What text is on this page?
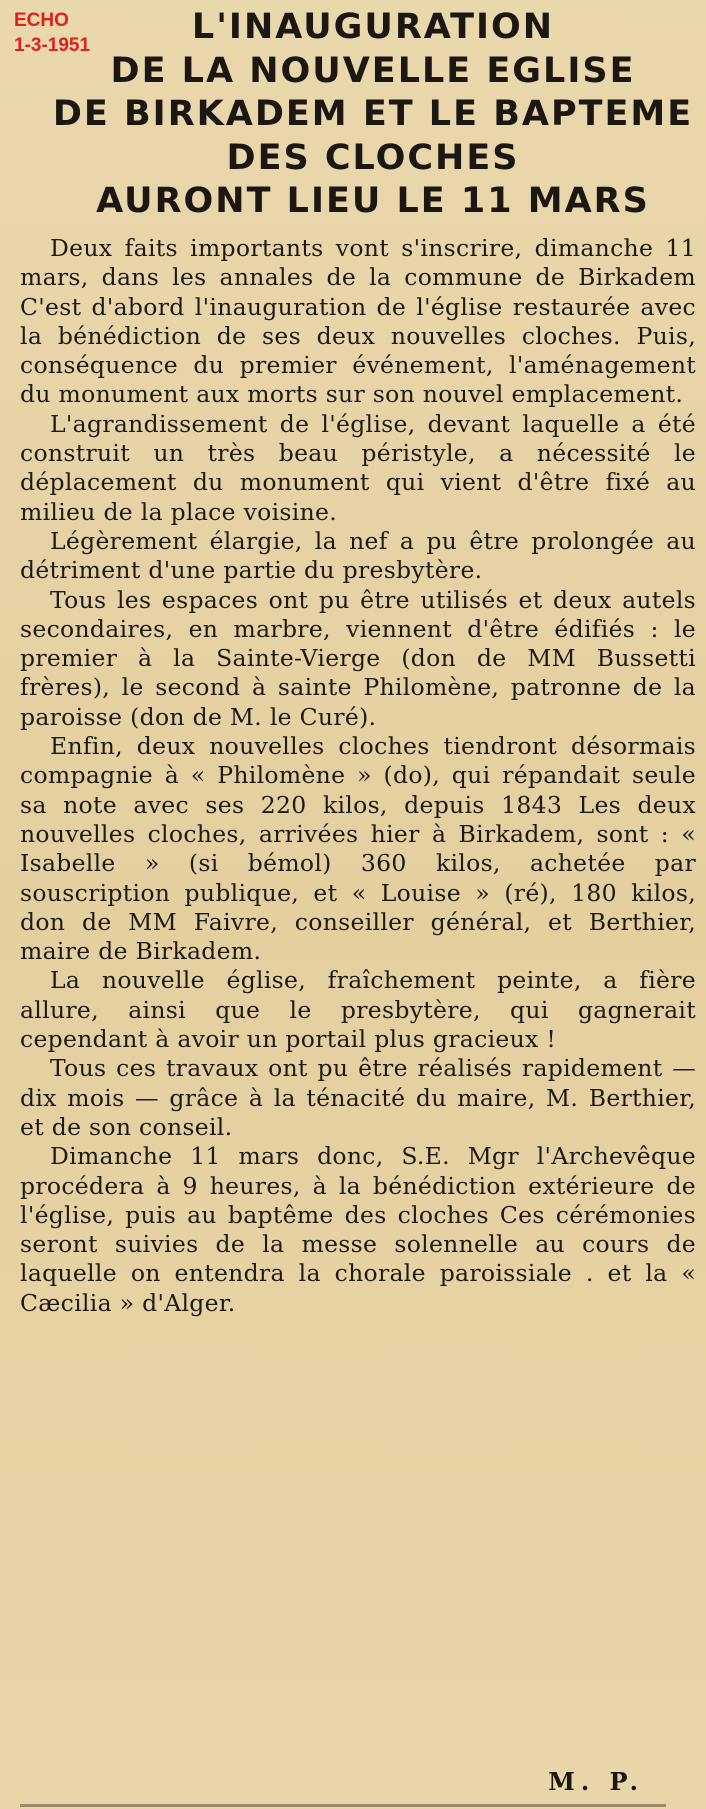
ECHO
1-3-1951	L'INAUGURATION
DE LA NOUVELLE EGLISE
DE BIRKADEM ET LE BAPTEME
DES CLOCHES
AURONT LIEU LE 11 MARS

Deux faits importants vont s'inscrire, dimanche 11 mars, dans les annales de la commune de Birkadem C'est d'abord l'inauguration de l'église restaurée avec la bénédiction de ses deux nouvelles cloches. Puis, conséquence du premier événement, l'aménagement du monument aux morts sur son nouvel emplacement.

L'agrandissement de l'église, devant laquelle a été construit un très beau péristyle, a nécessité le déplacement du monument qui vient d'être fixé au milieu de la place voisine.

Légèrement élargie, la nef a pu être prolongée au détriment d'une partie du presbytère.

Tous les espaces ont pu être utilisés et deux autels secondaires, en marbre, viennent d'être édifiés : le premier à la Sainte-Vierge (don de MM Bussetti frères), le second à sainte Philomène, patronne de la paroisse (don de M. le Curé).

Enfin, deux nouvelles cloches tiendront désormais compagnie à « Philomène » (do), qui répandait seule sa note avec ses 220 kilos, depuis 1843 Les deux nouvelles cloches, arrivées hier à Birkadem, sont : « Isabelle » (si bémol) 360 kilos, achetée par souscription publique, et « Louise » (ré), 180 kilos, don de MM Faivre, conseiller général, et Berthier, maire de Birkadem.

La nouvelle église, fraîchement peinte, a fière allure, ainsi que le presbytère, qui gagnerait cependant à avoir un portail plus gracieux !

Tous ces travaux ont pu être réalisés rapidement — dix mois — grâce à la ténacité du maire, M. Berthier, et de son conseil.

Dimanche 11 mars donc, S.E. Mgr l'Archevêque procédera à 9 heures, à la bénédiction extérieure de l'église, puis au baptême des cloches Ces cérémonies seront suivies de la messe solennelle au cours de laquelle on entendra la chorale paroissiale . et la « Cæcilia » d'Alger.

M. P.
